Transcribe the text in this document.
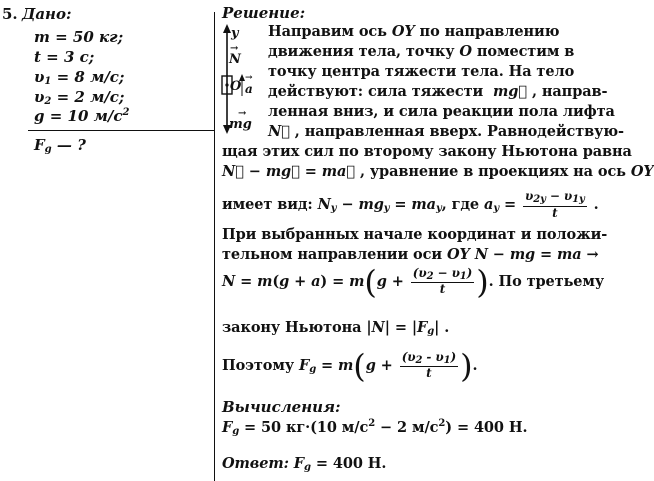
5. Дано:
m = 50 кг;
t = 3 с;
$\upsilon_1 = 8$ м/с;
$\upsilon_2 = 2$ м/с;
g = 10 $м/с^2$
$F_g$ — ?
Решение:
y
N
→
O a
→
mg
→
Направим ось OY по направлению
движения тела, точку O поместим в
точку центра тяжести тела. На тело
действуют: сила тяжести  mg⃗ , направ-
ленная вниз, и сила реакции пола лифта
N⃗ , направленная вверх. Равнодействую-
щая этих сил по второму закону Ньютона равна
N⃗ − mg⃗ = ma⃗ , уравнение в проекциях на ось OY
имеет вид: $N_y - mg_y = ma_y$, где $a_y = \frac{\upsilon_{2y} - \upsilon_{1y}}{t}$ .
При выбранных начале координат и положи-
тельном направлении оси OY N − mg = ma →
$N = m(g + a) = m(g + \frac{(\upsilon_2 - \upsilon_1)}{t}$ ). По третьему
закону Ньютона $|N| = |F_g|$ .
Поэтому $F_g = m(g + \frac{(\upsilon_2 - \upsilon_1)}{t}$ ).
Вычисления:
$F_g = 50$ кг·(10 $м/с^2 - 2$ $м/с^2) = 400$ Н.
Ответ: $F_g = 400$ Н.
